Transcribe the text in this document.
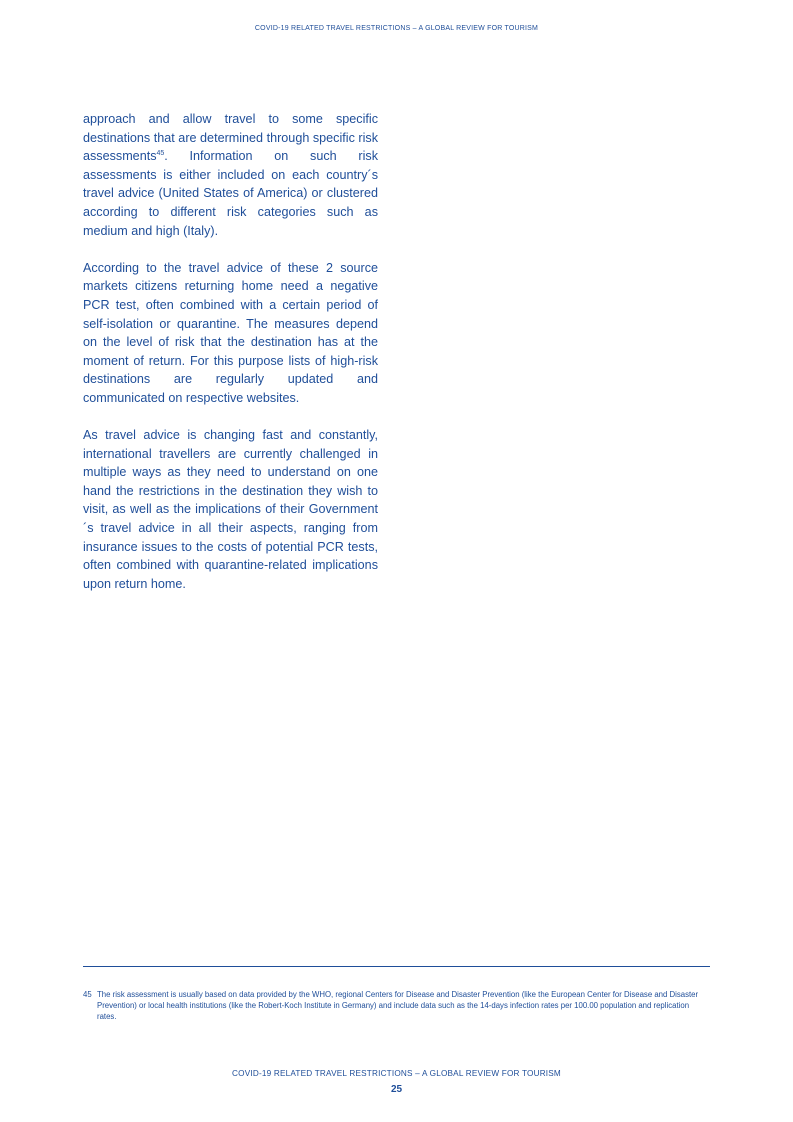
COVID-19 RELATED TRAVEL RESTRICTIONS – A GLOBAL REVIEW FOR TOURISM

approach and allow travel to some specific destinations that are determined through specific risk assessments$^{45}$. Information on such risk assessments is either included on each country´s travel advice (United States of America) or clustered according to different risk categories such as medium and high (Italy).

According to the travel advice of these 2 source markets citizens returning home need a negative PCR test, often combined with a certain period of self-isolation or quarantine. The measures depend on the level of risk that the destination has at the moment of return. For this purpose lists of high-risk destinations are regularly updated and communicated on respective websites.

As travel advice is changing fast and constantly, international travellers are currently challenged in multiple ways as they need to understand on one hand the restrictions in the destination they wish to visit, as well as the implications of their Government´s travel advice in all their aspects, ranging from insurance issues to the costs of potential PCR tests, often combined with quarantine-related implications upon return home.

45 The risk assessment is usually based on data provided by the WHO, regional Centers for Disease and Disaster Prevention (like the European Center for Disease and Disaster Prevention) or local health institutions (like the Robert-Koch Institute in Germany) and include data such as the 14-days infection rates per 100.00 population and replication rates.
COVID-19 RELATED TRAVEL RESTRICTIONS – A GLOBAL REVIEW FOR TOURISM
25
